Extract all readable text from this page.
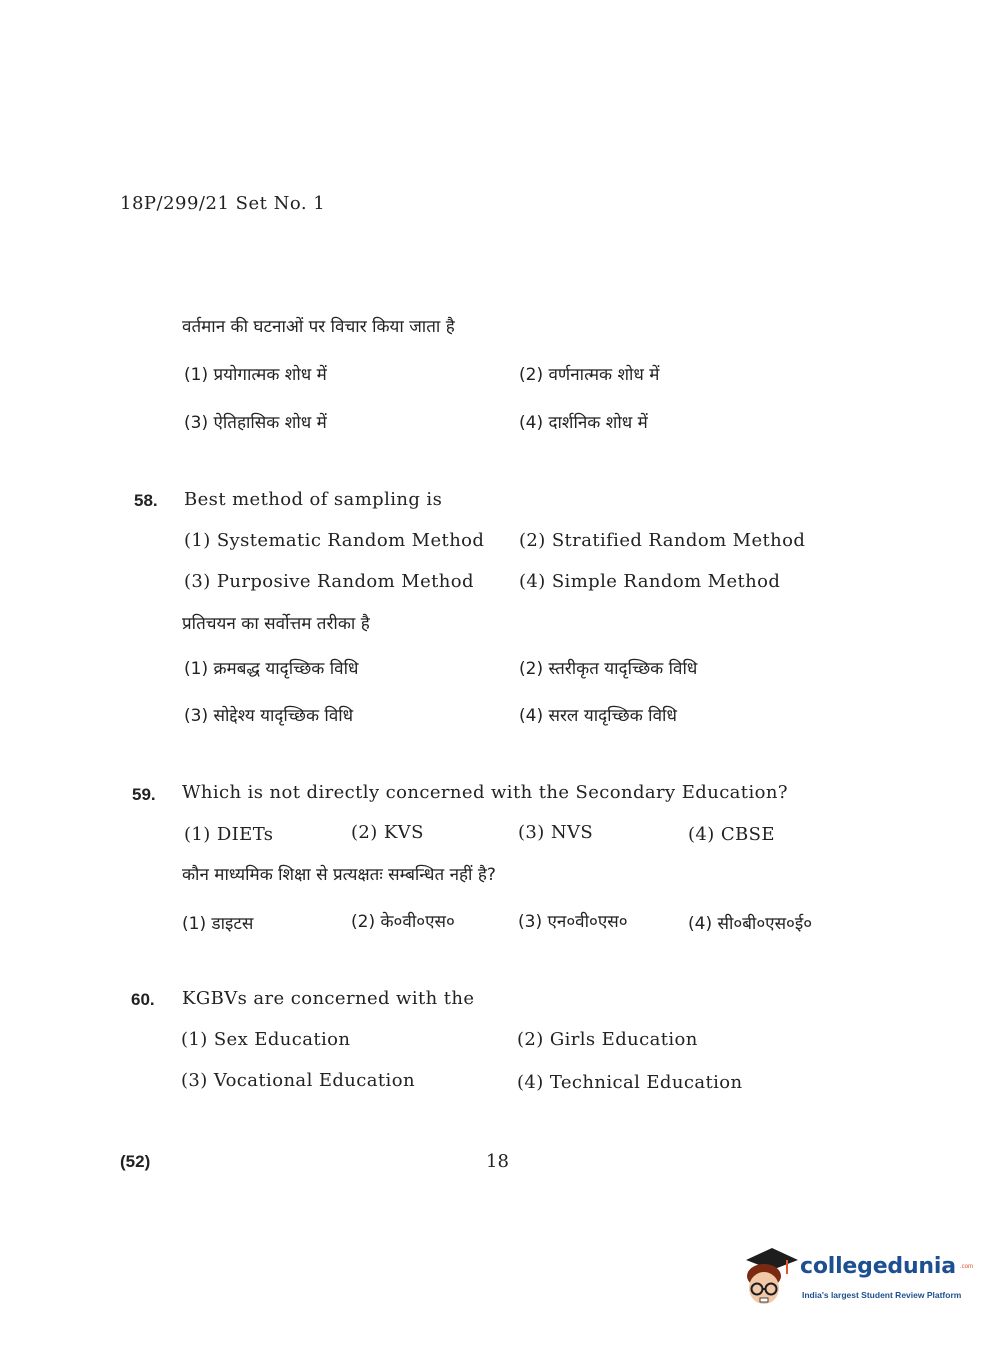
18P/299/21 Set No. 1
वर्तमान की घटनाओं पर विचार किया जाता है
(1) प्रयोगात्मक शोध में	(2) वर्णनात्मक शोध में
(3) ऐतिहासिक शोध में	(4) दार्शनिक शोध में
58. Best method of sampling is
(1) Systematic Random Method (2) Stratified Random Method
(3) Purposive Random Method	(4) Simple Random Method
प्रतिचयन का सर्वोत्तम तरीका है
(1) क्रमबद्ध यादृच्छिक विधि	(2) स्तरीकृत यादृच्छिक विधि
(3) सोद्देश्य यादृच्छिक विधि	(4) सरल यादृच्छिक विधि
59. Which is not directly concerned with the Secondary Education?
(1) DIETs	(2) KVS	(3) NVS	(4) CBSE
कौन माध्यमिक शिक्षा से प्रत्यक्षतः सम्बन्धित नहीं है?
(1) डाइटस	(2) के०वी०एस०	(3) एन०वी०एस०	(4) सी०बी०एस०ई०
60. KGBVs are concerned with the
(1) Sex Education	(2) Girls Education
(3) Vocational Education	(4) Technical Education
(52)	18
collegedunia .com
India's largest Student Review Platform
